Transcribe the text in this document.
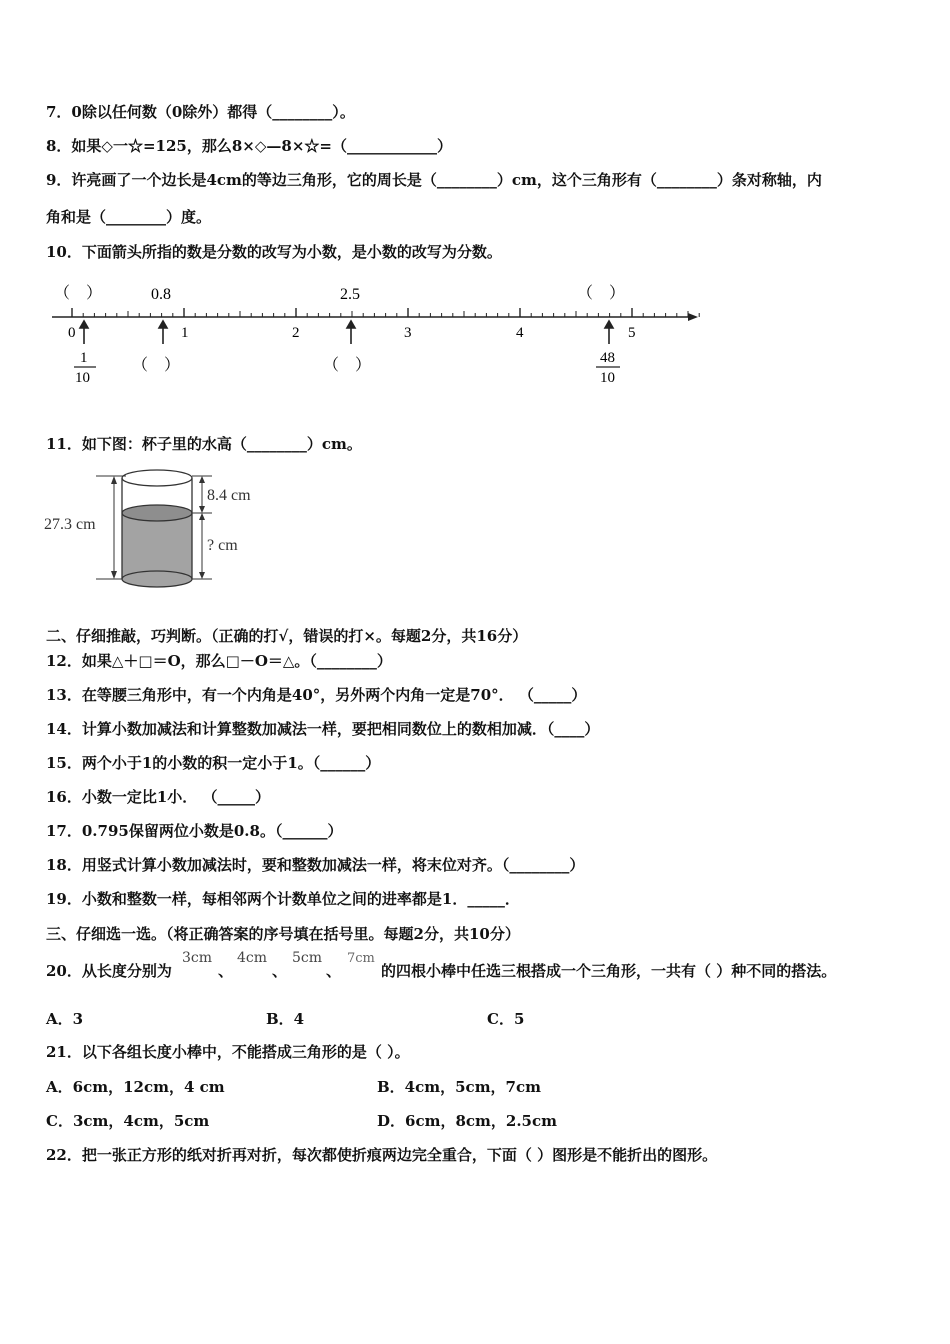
7．0除以任何数（0除外）都得（________）。
8．如果◇一☆=125，那么8×◇—8×☆=（____________）
9．许亮画了一个边长是4cm的等边三角形，它的周长是（________）cm，这个三角形有（________）条对称轴，内
角和是（________）度。
10．下面箭头所指的数是分数的改写为小数，是小数的改写为分数。
（　）	0.8	2.5	（　）
0	1	2	3	4	5
1
10
（　）	（　）	48
10
11．如下图：杯子里的水高（________）cm。
27.3 cm
8.4 cm
? cm
二、仔细推敲，巧判断。（正确的打√，错误的打×。每题2分，共16分）
12．如果△＋□＝O，那么□－O＝△。（________）
13．在等腰三角形中，有一个内角是40°，另外两个内角一定是70°． （_____）
14．计算小数加减法和计算整数加减法一样，要把相同数位上的数相加减．（____）
15．两个小于1的小数的积一定小于1。（______）
16．小数一定比1小． （_____）
17．0.795保留两位小数是0.8。（______）
18．用竖式计算小数加减法时，要和整数加减法一样，将末位对齐。（________）
19．小数和整数一样，每相邻两个计数单位之间的进率都是1．_____．
三、仔细选一选。（将正确答案的序号填在括号里。每题2分，共10分）
20．从长度分别为
3cm
、
4cm
、
5cm
、
7cm
的四根小棒中任选三根搭成一个三角形，一共有（ ）种不同的搭法。
A．3	B．4	C．5
21．以下各组长度小棒中，不能搭成三角形的是（ ）。
A．6cm，12cm，4 cm	B．4cm，5cm，7cm
C．3cm，4cm，5cm	D．6cm，8cm，2.5cm
22．把一张正方形的纸对折再对折，每次都使折痕两边完全重合，下面（ ）图形是不能折出的图形。
